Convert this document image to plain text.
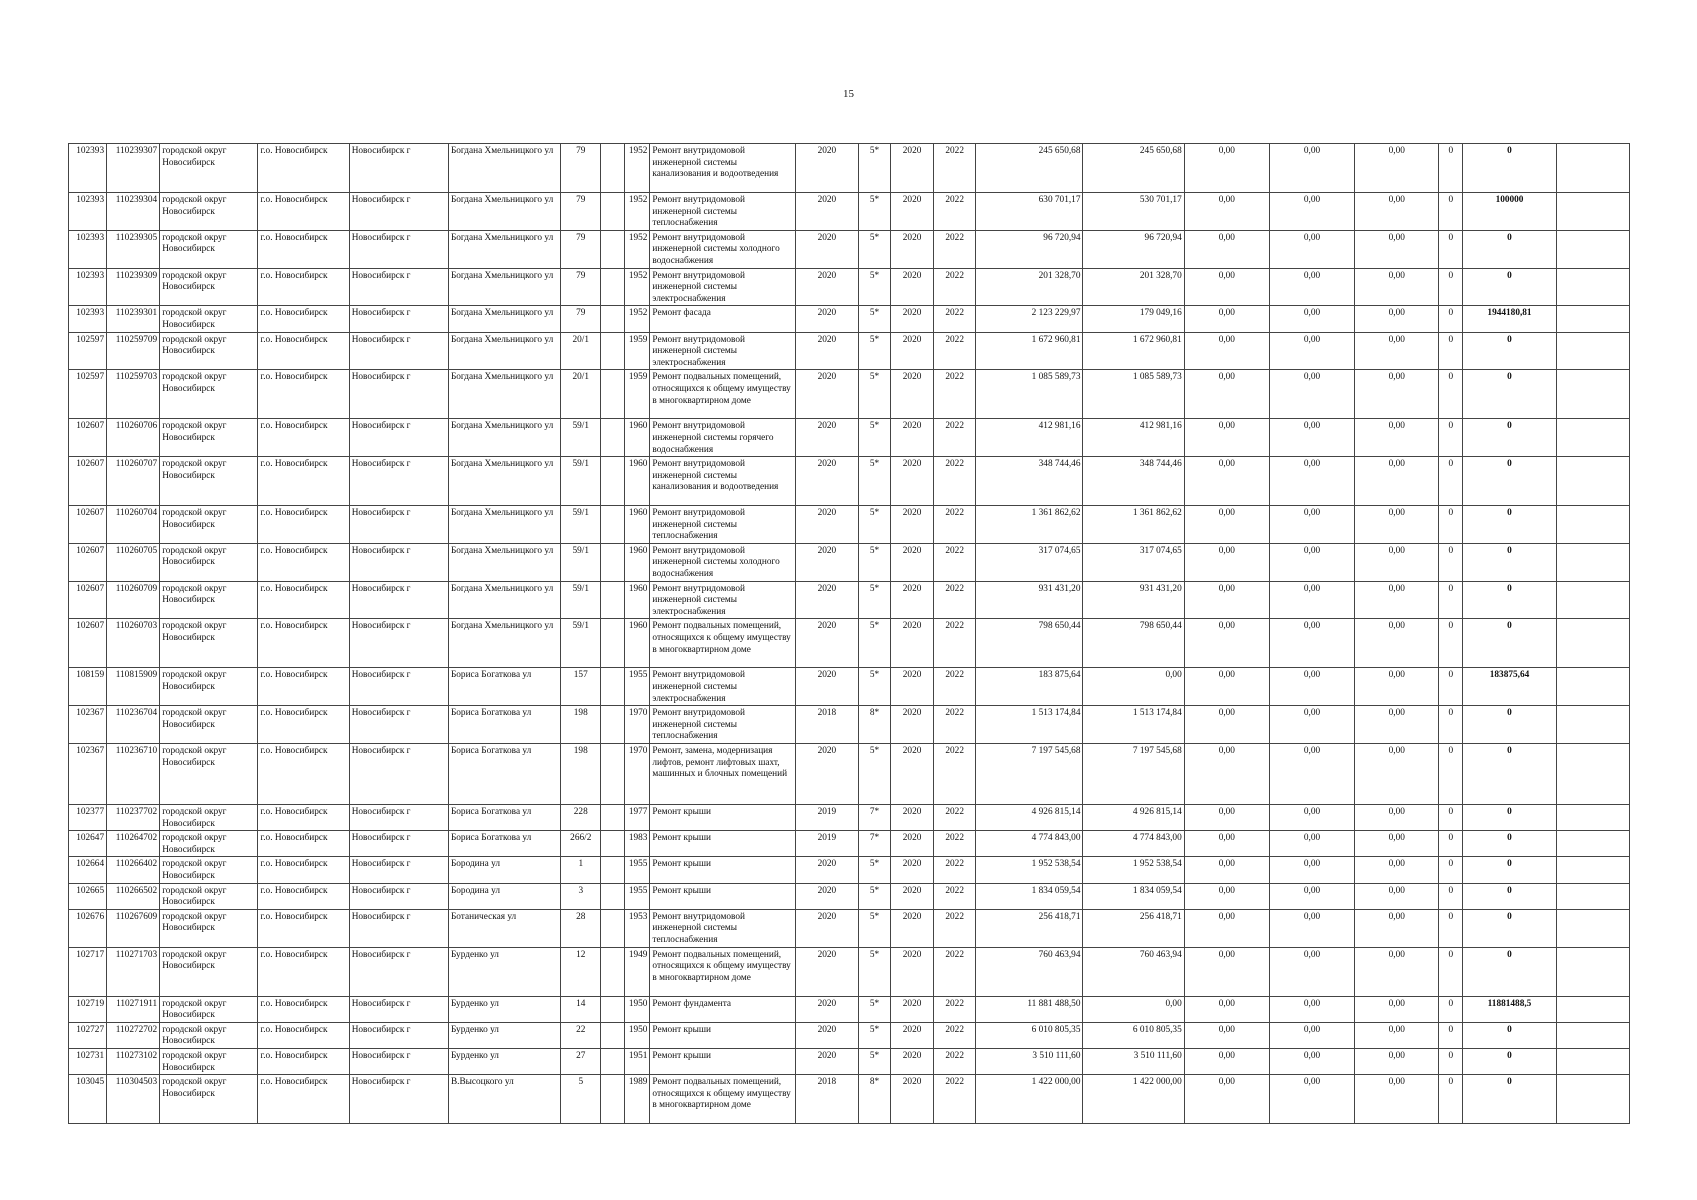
15
102393	110239307	городской округ Новосибирск	г.о. Новосибирск	Новосибирск г	Богдана Хмельницкого ул	79		1952	Ремонт внутридомовой инженерной системы канализования и водоотведения	2020	5*	2020	2022	245 650,68	245 650,68	0,00	0,00	0,00	0	0	
102393	110239304	городской округ Новосибирск	г.о. Новосибирск	Новосибирск г	Богдана Хмельницкого ул	79		1952	Ремонт внутридомовой инженерной системы теплоснабжения	2020	5*	2020	2022	630 701,17	530 701,17	0,00	0,00	0,00	0	100000	
102393	110239305	городской округ Новосибирск	г.о. Новосибирск	Новосибирск г	Богдана Хмельницкого ул	79		1952	Ремонт внутридомовой инженерной системы холодного водоснабжения	2020	5*	2020	2022	96 720,94	96 720,94	0,00	0,00	0,00	0	0	
102393	110239309	городской округ Новосибирск	г.о. Новосибирск	Новосибирск г	Богдана Хмельницкого ул	79		1952	Ремонт внутридомовой инженерной системы электроснабжения	2020	5*	2020	2022	201 328,70	201 328,70	0,00	0,00	0,00	0	0	
102393	110239301	городской округ Новосибирск	г.о. Новосибирск	Новосибирск г	Богдана Хмельницкого ул	79		1952	Ремонт фасада	2020	5*	2020	2022	2 123 229,97	179 049,16	0,00	0,00	0,00	0	1944180,81	
102597	110259709	городской округ Новосибирск	г.о. Новосибирск	Новосибирск г	Богдана Хмельницкого ул	20/1		1959	Ремонт внутридомовой инженерной системы электроснабжения	2020	5*	2020	2022	1 672 960,81	1 672 960,81	0,00	0,00	0,00	0	0	
102597	110259703	городской округ Новосибирск	г.о. Новосибирск	Новосибирск г	Богдана Хмельницкого ул	20/1		1959	Ремонт подвальных помещений, относящихся к общему имуществу в многоквартирном доме	2020	5*	2020	2022	1 085 589,73	1 085 589,73	0,00	0,00	0,00	0	0	
102607	110260706	городской округ Новосибирск	г.о. Новосибирск	Новосибирск г	Богдана Хмельницкого ул	59/1		1960	Ремонт внутридомовой инженерной системы горячего водоснабжения	2020	5*	2020	2022	412 981,16	412 981,16	0,00	0,00	0,00	0	0	
102607	110260707	городской округ Новосибирск	г.о. Новосибирск	Новосибирск г	Богдана Хмельницкого ул	59/1		1960	Ремонт внутридомовой инженерной системы канализования и водоотведения	2020	5*	2020	2022	348 744,46	348 744,46	0,00	0,00	0,00	0	0	
102607	110260704	городской округ Новосибирск	г.о. Новосибирск	Новосибирск г	Богдана Хмельницкого ул	59/1		1960	Ремонт внутридомовой инженерной системы теплоснабжения	2020	5*	2020	2022	1 361 862,62	1 361 862,62	0,00	0,00	0,00	0	0	
102607	110260705	городской округ Новосибирск	г.о. Новосибирск	Новосибирск г	Богдана Хмельницкого ул	59/1		1960	Ремонт внутридомовой инженерной системы холодного водоснабжения	2020	5*	2020	2022	317 074,65	317 074,65	0,00	0,00	0,00	0	0	
102607	110260709	городской округ Новосибирск	г.о. Новосибирск	Новосибирск г	Богдана Хмельницкого ул	59/1		1960	Ремонт внутридомовой инженерной системы электроснабжения	2020	5*	2020	2022	931 431,20	931 431,20	0,00	0,00	0,00	0	0	
102607	110260703	городской округ Новосибирск	г.о. Новосибирск	Новосибирск г	Богдана Хмельницкого ул	59/1		1960	Ремонт подвальных помещений, относящихся к общему имуществу в многоквартирном доме	2020	5*	2020	2022	798 650,44	798 650,44	0,00	0,00	0,00	0	0	
108159	110815909	городской округ Новосибирск	г.о. Новосибирск	Новосибирск г	Бориса Богаткова ул	157		1955	Ремонт внутридомовой инженерной системы электроснабжения	2020	5*	2020	2022	183 875,64	0,00	0,00	0,00	0,00	0	183875,64	
102367	110236704	городской округ Новосибирск	г.о. Новосибирск	Новосибирск г	Бориса Богаткова ул	198		1970	Ремонт внутридомовой инженерной системы теплоснабжения	2018	8*	2020	2022	1 513 174,84	1 513 174,84	0,00	0,00	0,00	0	0	
102367	110236710	городской округ Новосибирск	г.о. Новосибирск	Новосибирск г	Бориса Богаткова ул	198		1970	Ремонт, замена, модернизация лифтов, ремонт лифтовых шахт, машинных и блочных помещений	2020	5*	2020	2022	7 197 545,68	7 197 545,68	0,00	0,00	0,00	0	0	
102377	110237702	городской округ Новосибирск	г.о. Новосибирск	Новосибирск г	Бориса Богаткова ул	228		1977	Ремонт крыши	2019	7*	2020	2022	4 926 815,14	4 926 815,14	0,00	0,00	0,00	0	0	
102647	110264702	городской округ Новосибирск	г.о. Новосибирск	Новосибирск г	Бориса Богаткова ул	266/2		1983	Ремонт крыши	2019	7*	2020	2022	4 774 843,00	4 774 843,00	0,00	0,00	0,00	0	0	
102664	110266402	городской округ Новосибирск	г.о. Новосибирск	Новосибирск г	Бородина ул	1		1955	Ремонт крыши	2020	5*	2020	2022	1 952 538,54	1 952 538,54	0,00	0,00	0,00	0	0	
102665	110266502	городской округ Новосибирск	г.о. Новосибирск	Новосибирск г	Бородина ул	3		1955	Ремонт крыши	2020	5*	2020	2022	1 834 059,54	1 834 059,54	0,00	0,00	0,00	0	0	
102676	110267609	городской округ Новосибирск	г.о. Новосибирск	Новосибирск г	Ботаническая ул	28		1953	Ремонт внутридомовой инженерной системы теплоснабжения	2020	5*	2020	2022	256 418,71	256 418,71	0,00	0,00	0,00	0	0	
102717	110271703	городской округ Новосибирск	г.о. Новосибирск	Новосибирск г	Бурденко ул	12		1949	Ремонт подвальных помещений, относящихся к общему имуществу в многоквартирном доме	2020	5*	2020	2022	760 463,94	760 463,94	0,00	0,00	0,00	0	0	
102719	110271911	городской округ Новосибирск	г.о. Новосибирск	Новосибирск г	Бурденко ул	14		1950	Ремонт фундамента	2020	5*	2020	2022	11 881 488,50	0,00	0,00	0,00	0,00	0	11881488,5	
102727	110272702	городской округ Новосибирск	г.о. Новосибирск	Новосибирск г	Бурденко ул	22		1950	Ремонт крыши	2020	5*	2020	2022	6 010 805,35	6 010 805,35	0,00	0,00	0,00	0	0	
102731	110273102	городской округ Новосибирск	г.о. Новосибирск	Новосибирск г	Бурденко ул	27		1951	Ремонт крыши	2020	5*	2020	2022	3 510 111,60	3 510 111,60	0,00	0,00	0,00	0	0	
103045	110304503	городской округ Новосибирск	г.о. Новосибирск	Новосибирск г	В.Высоцкого ул	5		1989	Ремонт подвальных помещений, относящихся к общему имуществу в многоквартирном доме	2018	8*	2020	2022	1 422 000,00	1 422 000,00	0,00	0,00	0,00	0	0	
